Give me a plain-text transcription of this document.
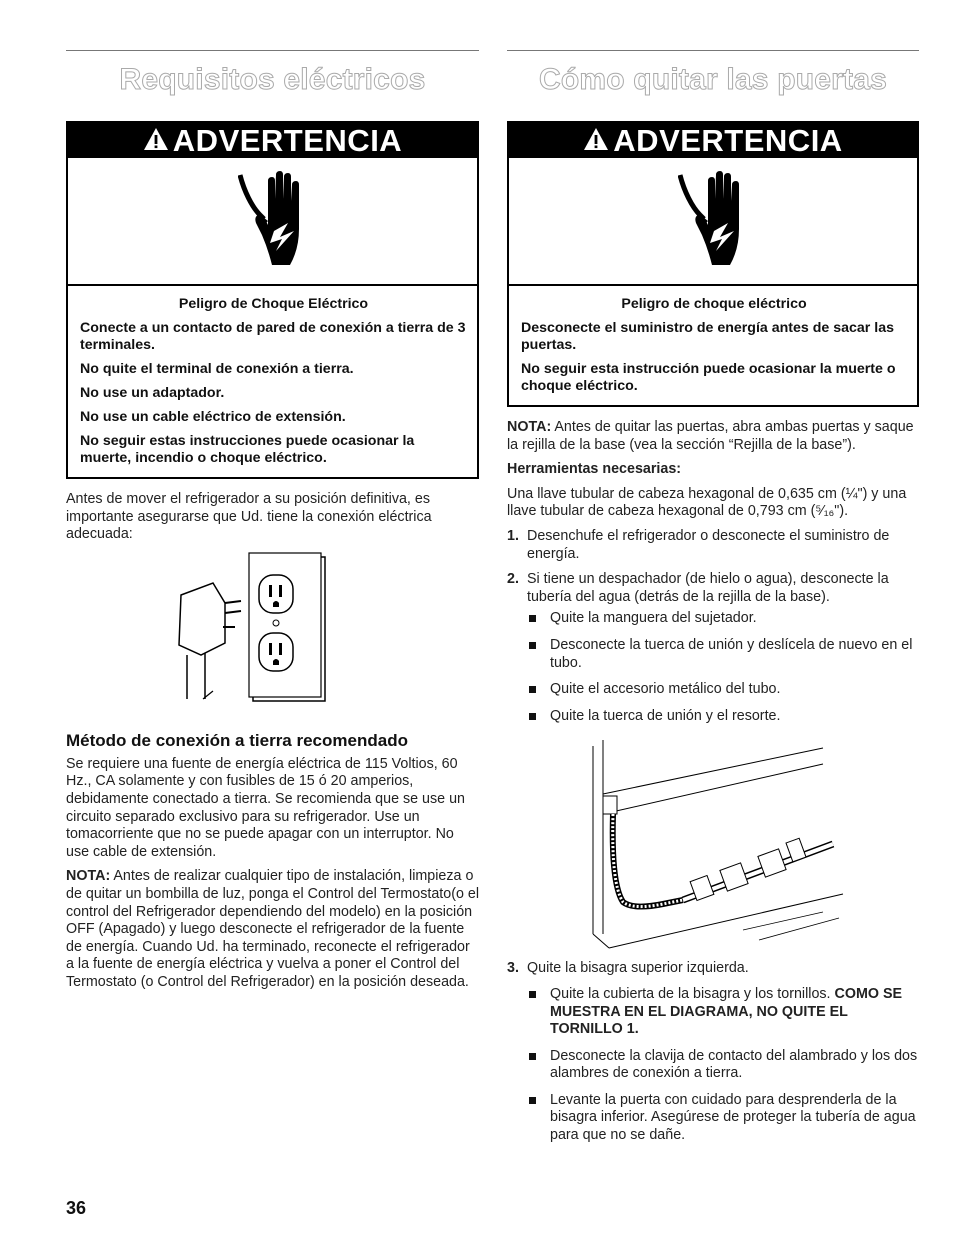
Requisitos eléctricos
ADVERTENCIA

Peligro de Choque Eléctrico

Conecte a un contacto de pared de conexión a tierra de 3 terminales.

No quite el terminal de conexión a tierra.

No use un adaptador.

No use un cable eléctrico de extensión.

No seguir estas instrucciones puede ocasionar la muerte, incendio o choque eléctrico.

Antes de mover el refrigerador a su posición definitiva, es importante asegurarse que Ud. tiene la conexión eléctrica adecuada:

Método de conexión a tierra recomendado

Se requiere una fuente de energía eléctrica de 115 Voltios, 60 Hz., CA solamente y con fusibles de 15 ó 20 amperios, debidamente conectado a tierra. Se recomienda que se use un circuito separado exclusivo para su refrigerador. Use un tomacorriente que no se puede apagar con un interruptor. No use cable de extensión.

NOTA: Antes de realizar cualquier tipo de instalación, limpieza o de quitar un bombilla de luz, ponga el Control del Termostato(o el control del Refrigerador dependiendo del modelo) en la posición OFF (Apagado) y luego desconecte el refrigerador de la fuente de energía. Cuando Ud. ha terminado, reconecte el refrigerador a la fuente de energía eléctrica y vuelva a poner el Control del Termostato (o Control del Refrigerador) en la posición deseada.

Cómo quitar las puertas
ADVERTENCIA

Peligro de choque eléctrico

Desconecte el suministro de energía antes de sacar las puertas.

No seguir esta instrucción puede ocasionar la muerte o choque eléctrico.

NOTA: Antes de quitar las puertas, abra ambas puertas y saque la rejilla de la base (vea la sección “Rejilla de la base”).

Herramientas necesarias:

Una llave tubular de cabeza hexagonal de 0,635 cm (¼") y una llave tubular de cabeza hexagonal de 0,793 cm (⁵⁄₁₆").

1. Desenchufe el refrigerador o desconecte el suministro de energía.
2. Si tiene un despachador (de hielo o agua), desconecte la tubería del agua (detrás de la rejilla de la base).
Quite la manguera del sujetador.
Desconecte la tuerca de unión y deslícela de nuevo en el tubo.
Quite el accesorio metálico del tubo.
Quite la tuerca de unión y el resorte.
3. Quite la bisagra superior izquierda.
Quite la cubierta de la bisagra y los tornillos. COMO SE MUESTRA EN EL DIAGRAMA, NO QUITE EL TORNILLO 1.
Desconecte la clavija de contacto del alambrado y los dos alambres de conexión a tierra.
Levante la puerta con cuidado para desprenderla de la bisagra inferior. Asegúrese de proteger la tubería de agua para que no se dañe.
36
